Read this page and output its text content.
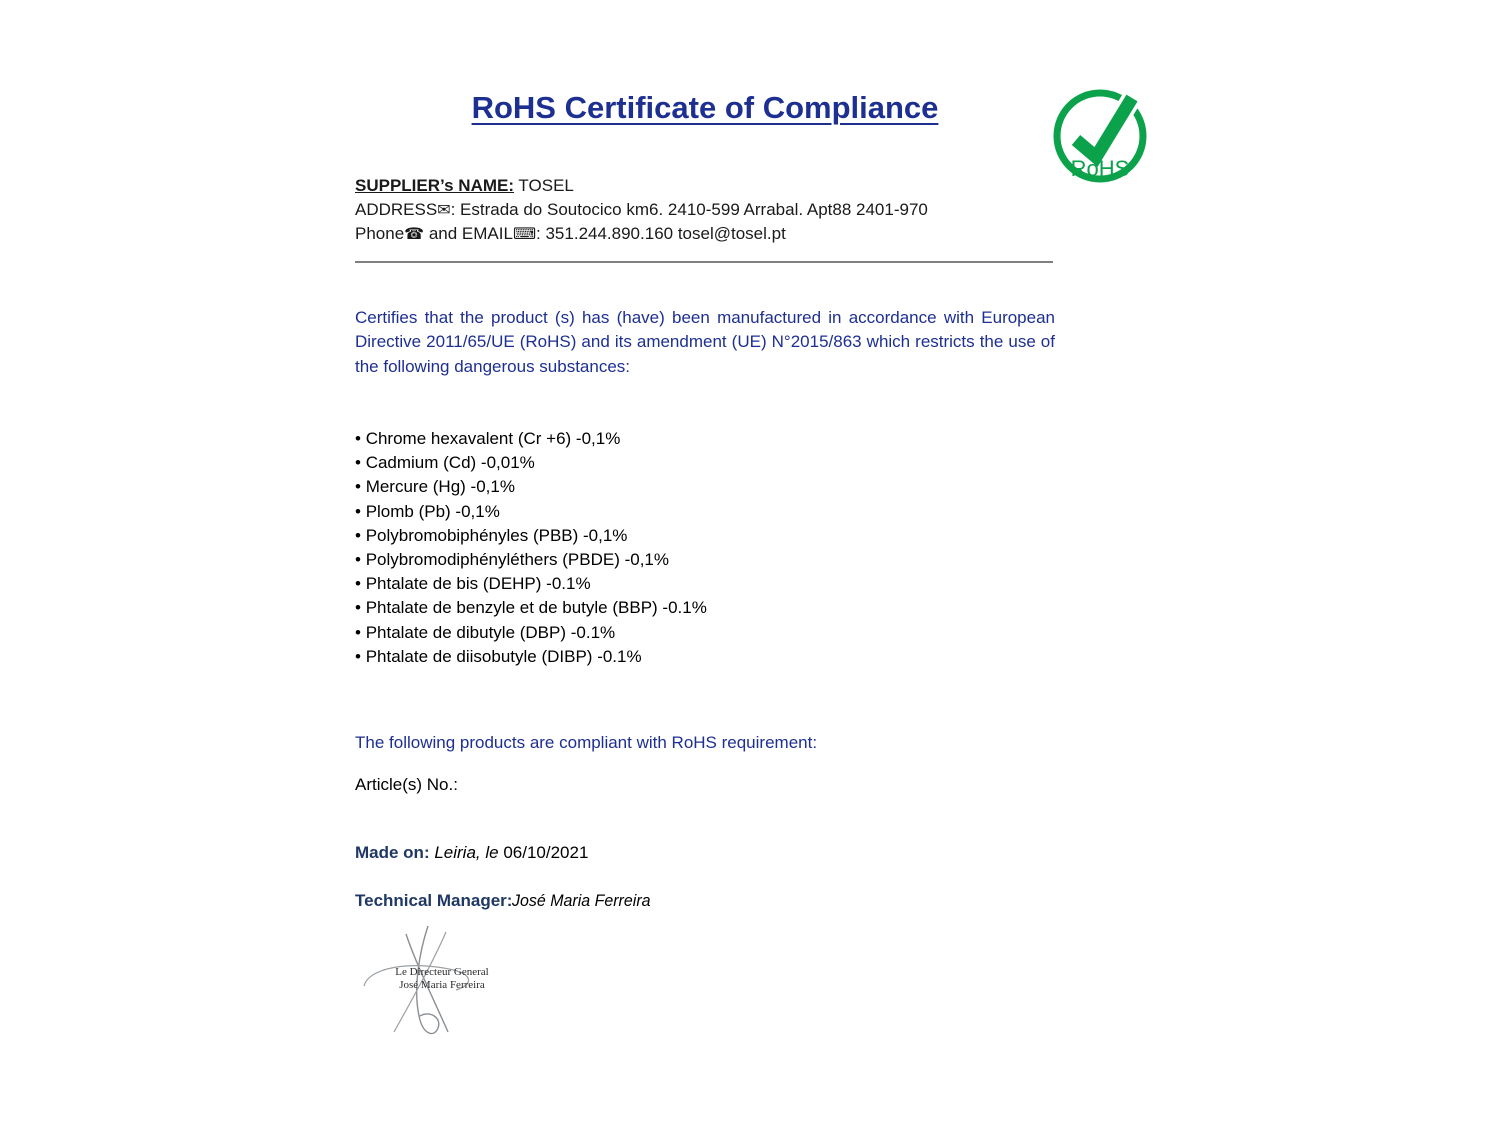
RoHS Certificate of Compliance
RoHS
SUPPLIER’s NAME: TOSEL
ADDRESS✉: Estrada do Soutocico km6. 2410-599 Arrabal. Apt88 2401-970
Phone☎ and EMAIL⌨: 351.244.890.160 tosel@tosel.pt
Certifies that the product (s) has (have) been manufactured in accordance with European Directive 2011/65/UE (RoHS) and its amendment (UE) N°2015/863 which restricts the use of the following dangerous substances:
• Chrome hexavalent (Cr +6) -0,1%
• Cadmium (Cd) -0,01%
• Mercure (Hg) -0,1%
• Plomb (Pb) -0,1%
• Polybromobiphényles (PBB) -0,1%
• Polybromodiphényléthers (PBDE) -0,1%
• Phtalate de bis (DEHP) -0.1%
• Phtalate de benzyle et de butyle (BBP) -0.1%
• Phtalate de dibutyle (DBP) -0.1%
• Phtalate de diisobutyle (DIBP) -0.1%
The following products are compliant with RoHS requirement:
Article(s) No.:
Made on: Leiria, le 06/10/2021
Technical Manager:José Maria Ferreira
Le Directeur General
José Maria Ferreira
